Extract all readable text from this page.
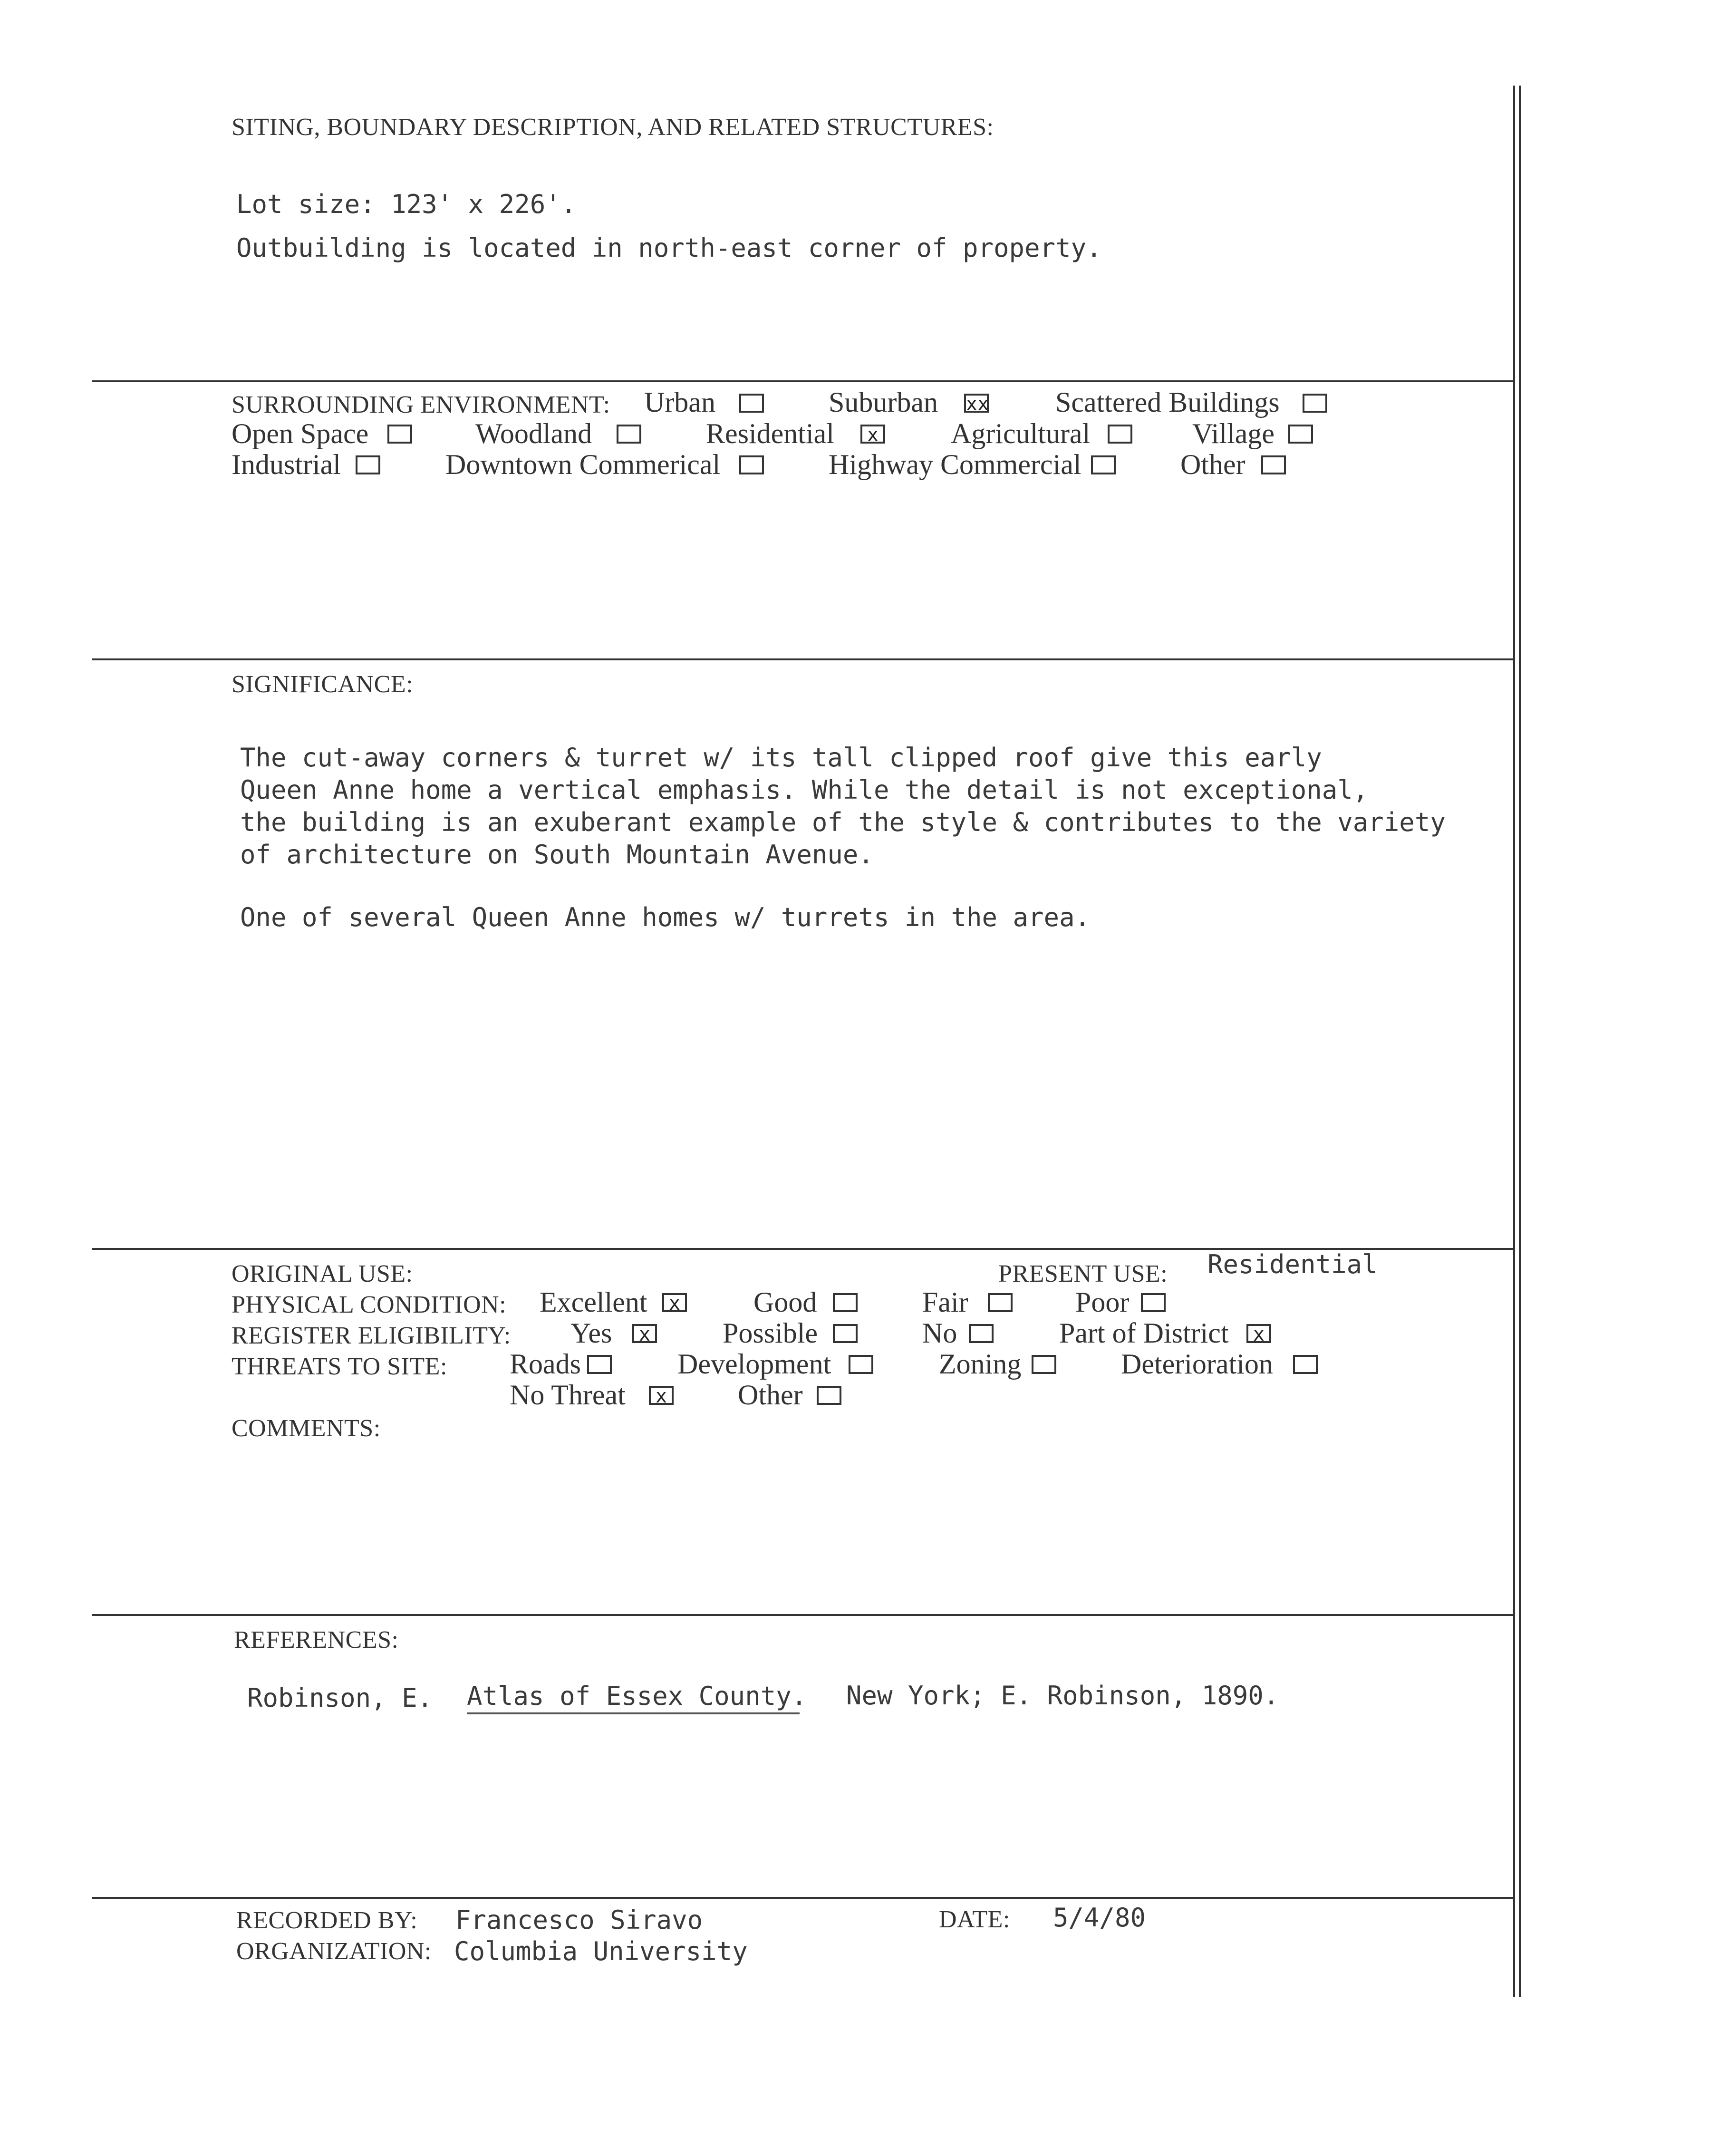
SITING, BOUNDARY DESCRIPTION, AND RELATED STRUCTURES:
Lot size: 123' x 226'.
Outbuilding is located in north-east corner of property.
SURROUNDING ENVIRONMENT: Urban	Suburban xx Scattered Buildings
Open Space	Woodland	Residential x	Agricultural	Village
Industrial	Downtown Commerical	Highway Commercial	Other
SIGNIFICANCE:
The cut-away corners & turret w/ its tall clipped roof give this early
Queen Anne home a vertical emphasis. While the detail is not exceptional,
the building is an exuberant example of the style & contributes to the variety
of architecture on South Mountain Avenue.
One of several Queen Anne homes w/ turrets in the area.
ORIGINAL USE:	PRESENT USE: Residential
PHYSICAL CONDITION: Excellent x	Good	Fair	Poor
REGISTER ELIGIBILITY: Yes x	Possible	No	Part of District x
THREATS TO SITE: Roads	Development	Zoning	Deterioration
No Threat x Other
COMMENTS:
REFERENCES:
Robinson, E. Atlas of Essex County. New York; E. Robinson, 1890.
RECORDED BY: Francesco Siravo
ORGANIZATION: Columbia University
DATE: 5/4/80
